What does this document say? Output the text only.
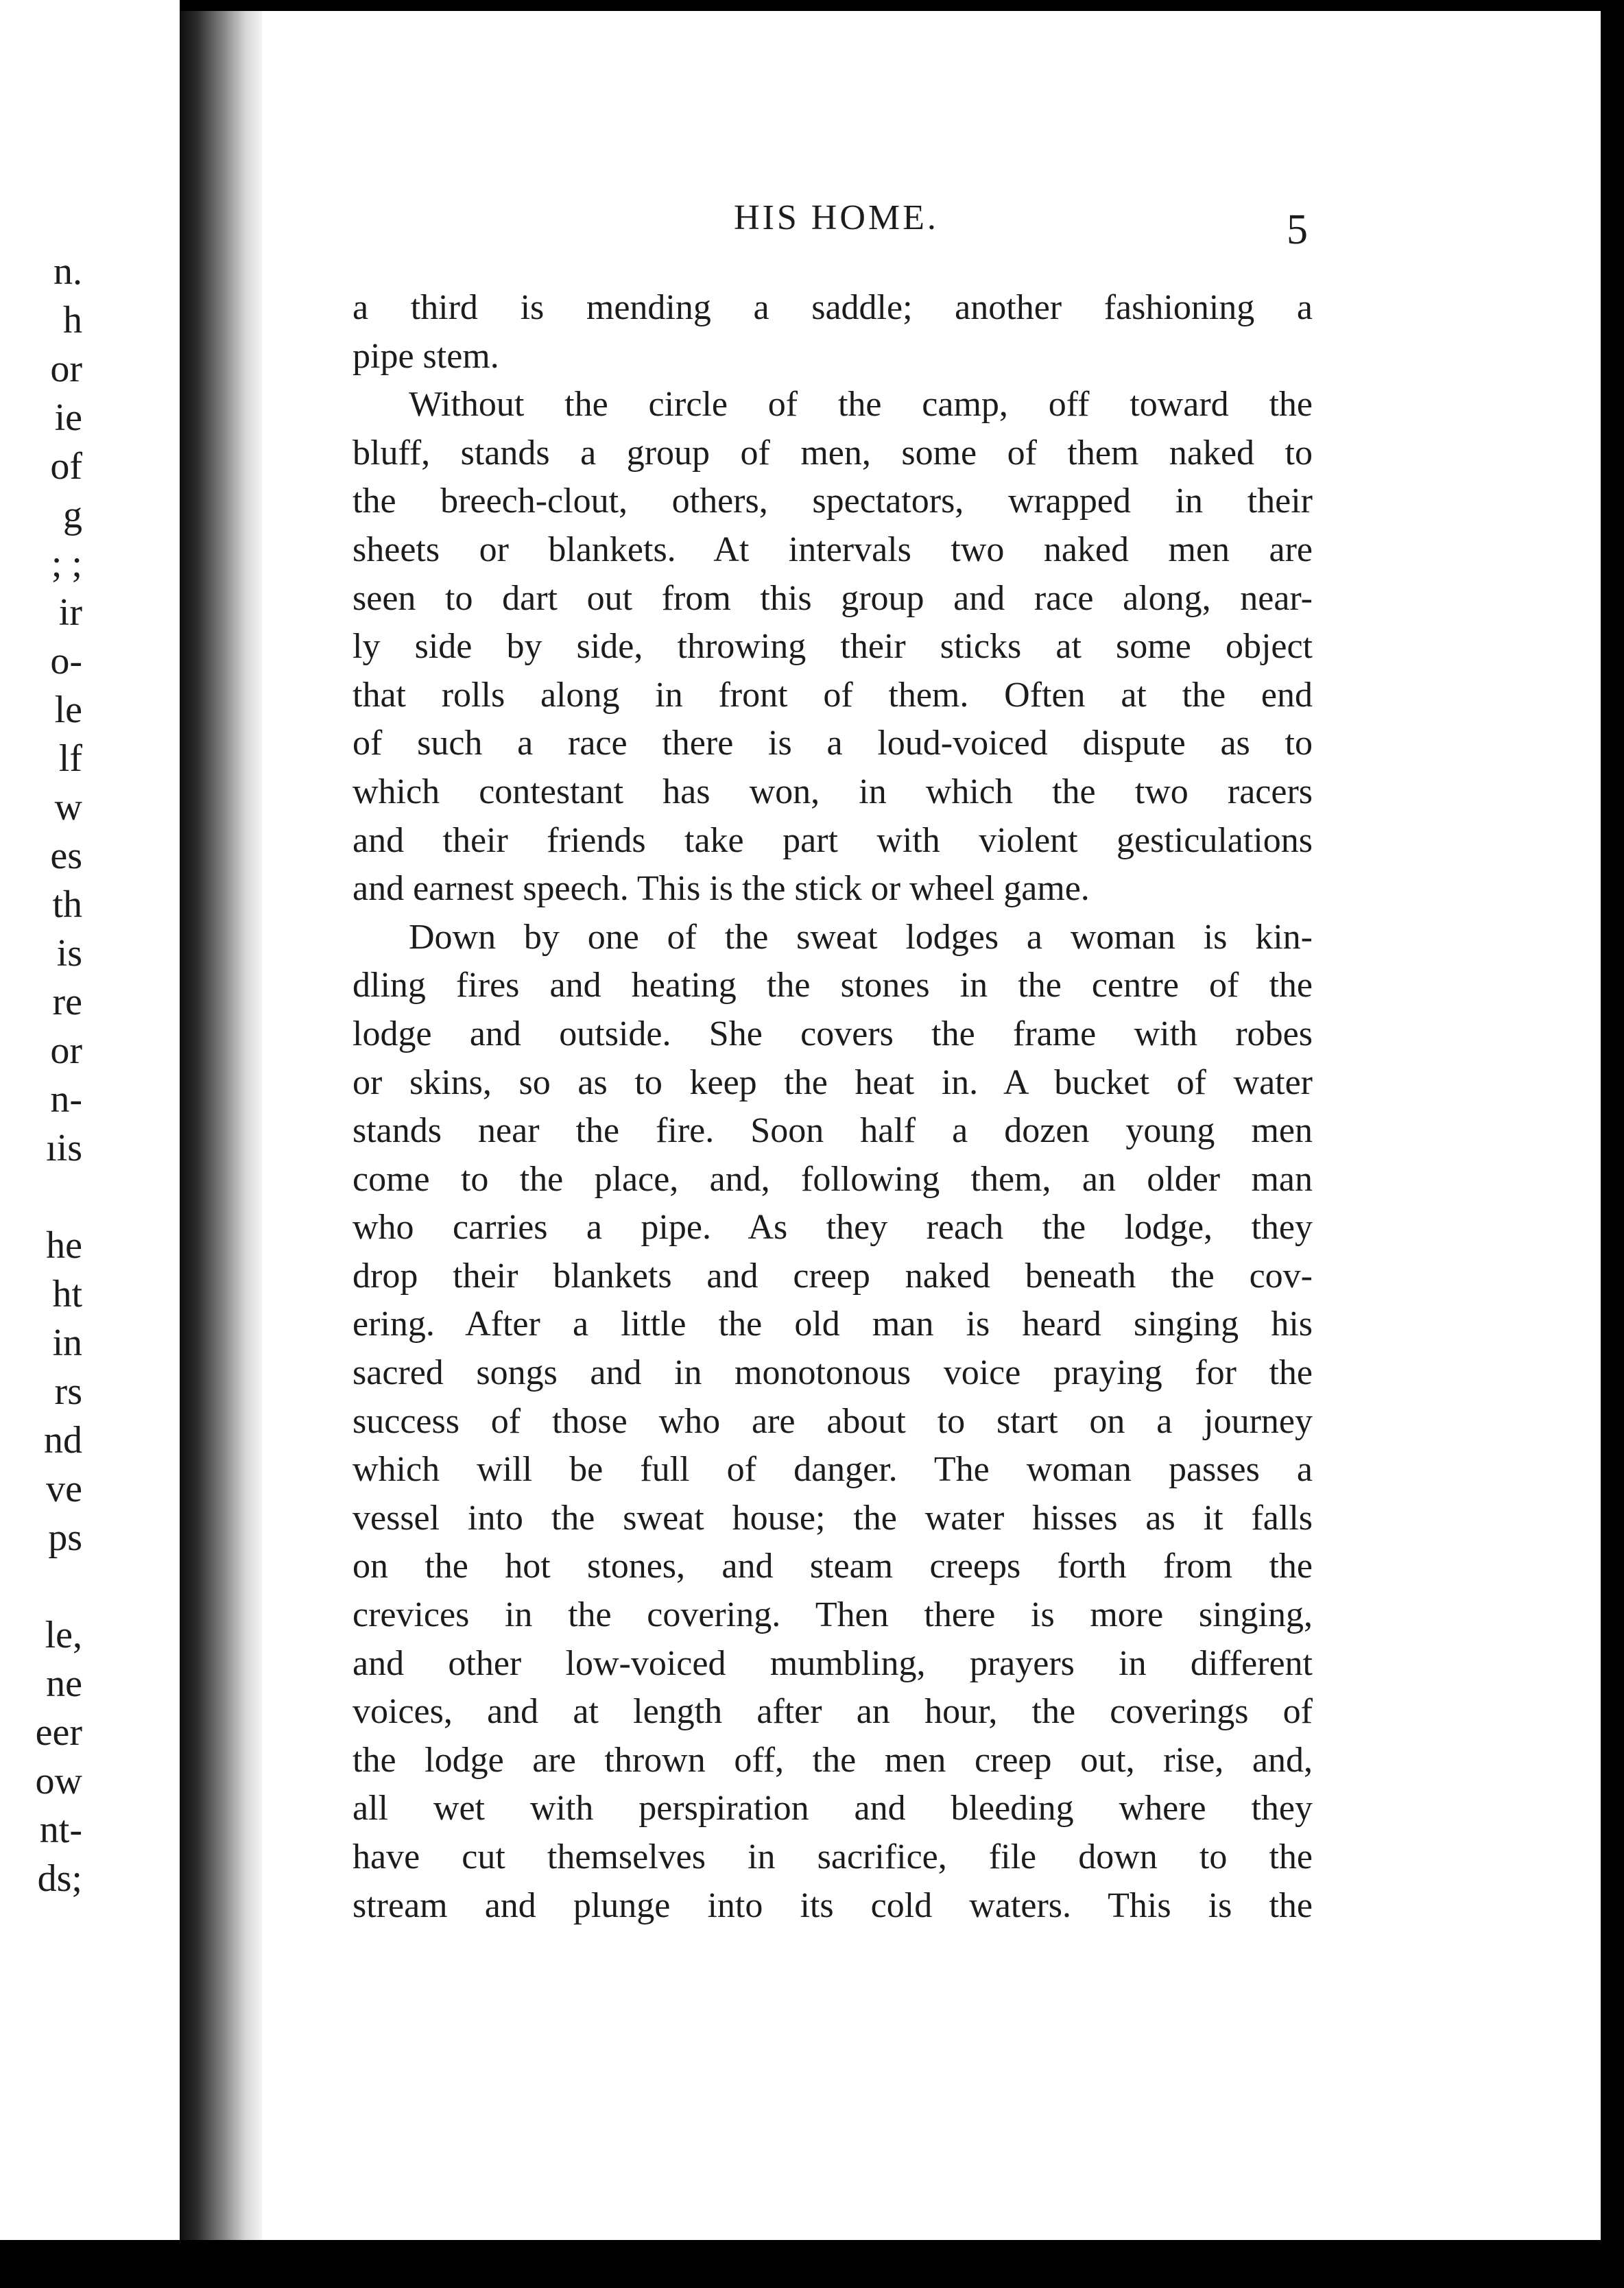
n.
h
or
ie
of
g
; ;
ir
o-
le
lf
w
es
th
is
re
or
n-
ıis
he
ht
in
rs
nd
ve
ps
le,
ne
eer
ow
nt-
ds;
HIS HOME.	5
a third is mending a saddle; another fashioning a
pipe stem.
Without the circle of the camp, off toward the
bluff, stands a group of men, some of them naked to
the breech-clout, others, spectators, wrapped in their
sheets or blankets. At intervals two naked men are
seen to dart out from this group and race along, near-
ly side by side, throwing their sticks at some object
that rolls along in front of them. Often at the end
of such a race there is a loud-voiced dispute as to
which contestant has won, in which the two racers
and their friends take part with violent gesticulations
and earnest speech. This is the stick or wheel game.
Down by one of the sweat lodges a woman is kin-
dling fires and heating the stones in the centre of the
lodge and outside. She covers the frame with robes
or skins, so as to keep the heat in. A bucket of water
stands near the fire. Soon half a dozen young men
come to the place, and, following them, an older man
who carries a pipe. As they reach the lodge, they
drop their blankets and creep naked beneath the cov-
ering. After a little the old man is heard singing his
sacred songs and in monotonous voice praying for the
success of those who are about to start on a journey
which will be full of danger. The woman passes a
vessel into the sweat house; the water hisses as it falls
on the hot stones, and steam creeps forth from the
crevices in the covering. Then there is more singing,
and other low-voiced mumbling, prayers in different
voices, and at length after an hour, the coverings of
the lodge are thrown off, the men creep out, rise, and,
all wet with perspiration and bleeding where they
have cut themselves in sacrifice, file down to the
stream and plunge into its cold waters. This is the
